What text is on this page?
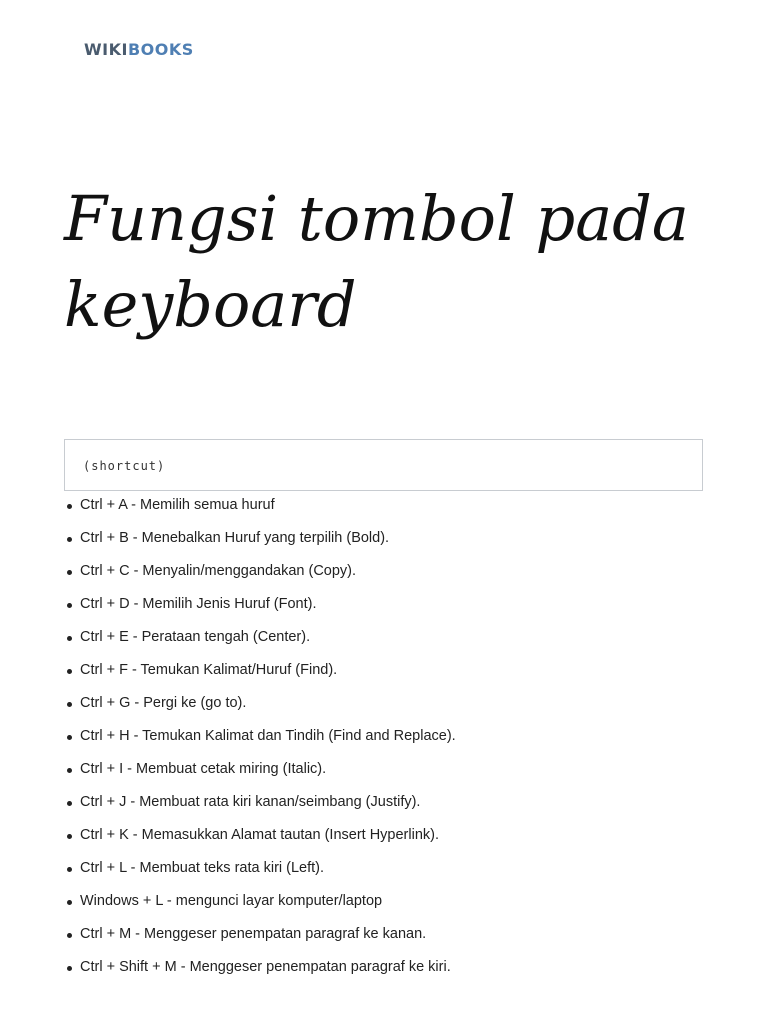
WIKIBOOKS
Fungsi tombol pada keyboard
(shortcut)
Ctrl + A - Memilih semua huruf
Ctrl + B - Menebalkan Huruf yang terpilih (Bold).
Ctrl + C - Menyalin/menggandakan (Copy).
Ctrl + D - Memilih Jenis Huruf (Font).
Ctrl + E - Perataan tengah (Center).
Ctrl + F - Temukan Kalimat/Huruf (Find).
Ctrl + G - Pergi ke (go to).
Ctrl + H - Temukan Kalimat dan Tindih (Find and Replace).
Ctrl + I - Membuat cetak miring (Italic).
Ctrl + J - Membuat rata kiri kanan/seimbang (Justify).
Ctrl + K - Memasukkan Alamat tautan (Insert Hyperlink).
Ctrl + L - Membuat teks rata kiri (Left).
Windows + L - mengunci layar komputer/laptop
Ctrl + M - Menggeser penempatan paragraf ke kanan.
Ctrl + Shift + M - Menggeser penempatan paragraf ke kiri.
